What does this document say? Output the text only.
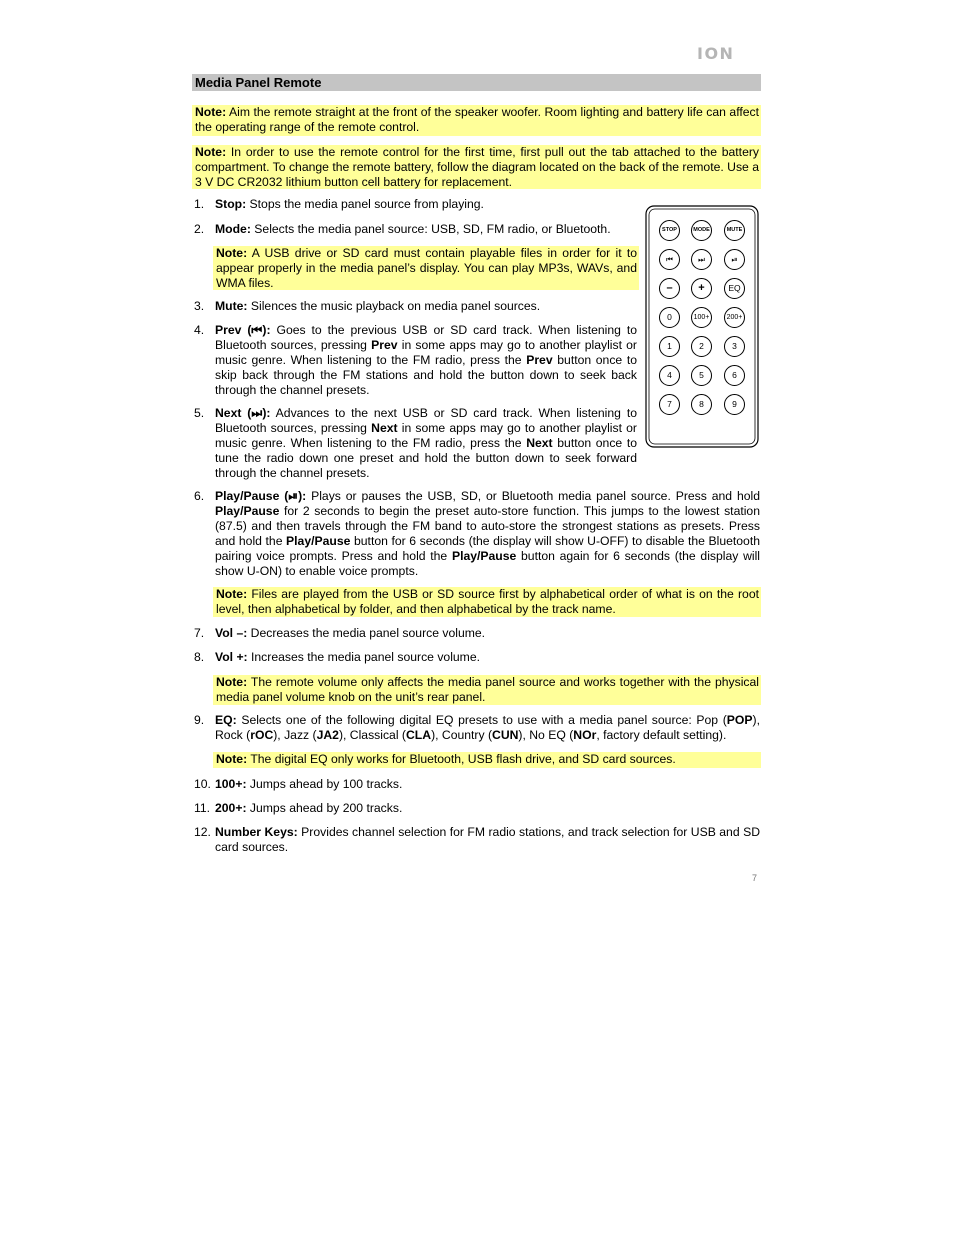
ION
Media Panel Remote
Note: Aim the remote straight at the front of the speaker woofer. Room lighting and battery life can affect the operating range of the remote control.
Note: In order to use the remote control for the first time, first pull out the tab attached to the battery compartment. To change the remote battery, follow the diagram located on the back of the remote. Use a 3 V DC CR2032 lithium button cell battery for replacement.
1. Stop: Stops the media panel source from playing.
2. Mode: Selects the media panel source: USB, SD, FM radio, or Bluetooth.
Note: A USB drive or SD card must contain playable files in order for it to appear properly in the media panel’s display. You can play MP3s, WAVs, and WMA files.
3. Mute: Silences the music playback on media panel sources.
4. Prev (⏮): Goes to the previous USB or SD card track. When listening to Bluetooth sources, pressing Prev in some apps may go to another playlist or music genre. When listening to the FM radio, press the Prev button once to skip back through the FM stations and hold the button down to seek back through the channel presets.
5. Next (⏭): Advances to the next USB or SD card track. When listening to Bluetooth sources, pressing Next in some apps may go to another playlist or music genre. When listening to the FM radio, press the Next button once to tune the radio down one preset and hold the button down to seek forward through the channel presets.
6. Play/Pause (⏯): Plays or pauses the USB, SD, or Bluetooth media panel source. Press and hold Play/Pause for 2 seconds to begin the preset auto-store function. This jumps to the lowest station (87.5) and then travels through the FM band to auto-store the strongest stations as presets. Press and hold the Play/Pause button for 6 seconds (the display will show U-OFF) to disable the Bluetooth pairing voice prompts. Press and hold the Play/Pause button again for 6 seconds (the display will show U-ON) to enable voice prompts.
Note: Files are played from the USB or SD source first by alphabetical order of what is on the root level, then alphabetical by folder, and then alphabetical by the track name.
7. Vol –: Decreases the media panel source volume.
8. Vol +: Increases the media panel source volume.
Note: The remote volume only affects the media panel source and works together with the physical media panel volume knob on the unit’s rear panel.
9. EQ: Selects one of the following digital EQ presets to use with a media panel source: Pop (POP), Rock (rOC), Jazz (JA2), Classical (CLA), Country (CUN), No EQ (NOr, factory default setting).
Note: The digital EQ only works for Bluetooth, USB flash drive, and SD card sources.
10. 100+: Jumps ahead by 100 tracks.
11. 200+: Jumps ahead by 200 tracks.
12. Number Keys: Provides channel selection for FM radio stations, and track selection for USB and SD card sources.
STOP	MODE	MUTE
⏮	⏭	⏯
–	+	EQ
0	100+	200+
1	2	3
4	5	6
7	8	9
7
